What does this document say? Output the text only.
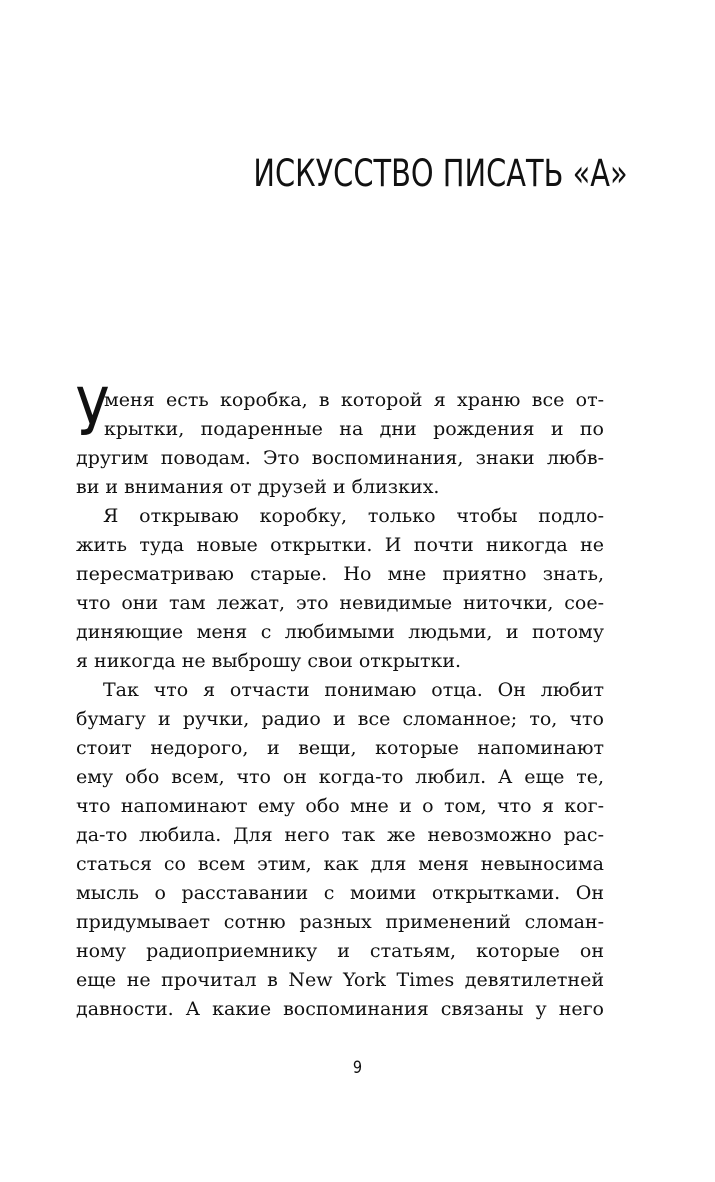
ИСКУССТВО ПИСАТЬ «А»
У
меня есть коробка, в которой я храню все от-
крытки, подаренные на дни рождения и по
другим поводам. Это воспоминания, знаки любв-
ви и внимания от друзей и близких.
Я открываю коробку, только чтобы подло-
жить туда новые открытки. И почти никогда не
пересматриваю старые. Но мне приятно знать,
что они там лежат, это невидимые ниточки, сое-
диняющие меня с любимыми людьми, и потому
я никогда не выброшу свои открытки.
Так что я отчасти понимаю отца. Он любит
бумагу и ручки, радио и все сломанное; то, что
стоит недорого, и вещи, которые напоминают
ему обо всем, что он когда-то любил. А еще те,
что напоминают ему обо мне и о том, что я ког-
да-то любила. Для него так же невозможно рас-
статься со всем этим, как для меня невыносима
мысль о расставании с моими открытками. Он
придумывает сотню разных применений сломан-
ному радиоприемнику и статьям, которые он
еще не прочитал в New York Times девятилетней
давности. А какие воспоминания связаны у него
9
